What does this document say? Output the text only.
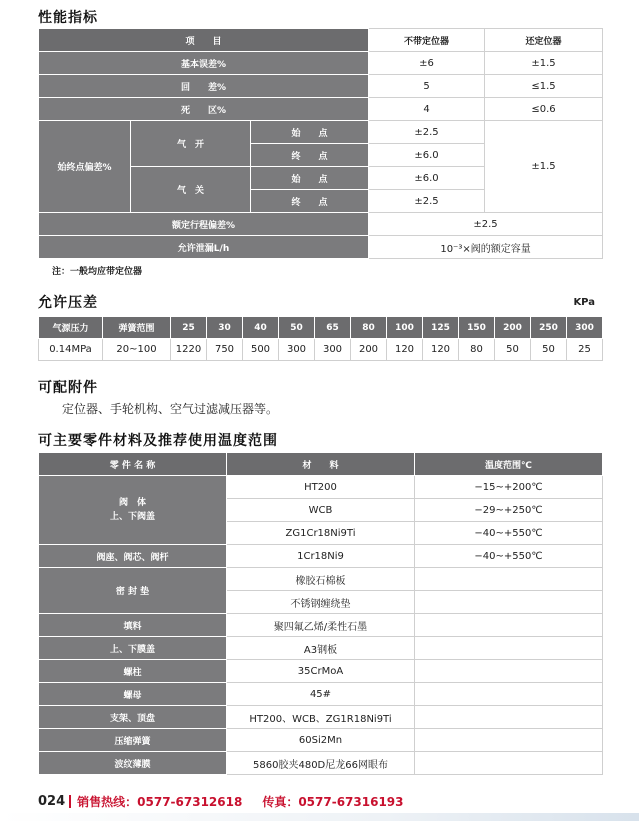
性能指标
项　　目			不带定位器	还定位器
基本误差%			±6	±1.5
回　　差%			5	≤1.5
死　　区%			4	≤0.6
始终点偏差%	气　开	始　　点	±2.5	±1.5
		终　　点	±6.0	
	气　关	始　　点	±6.0	
		终　　点	±2.5	
额定行程偏差%			±2.5	
允许泄漏L/h			10⁻³×阀的额定容量	
注：一般均应带定位器
允许压差	KPa
气源压力	弹簧范围	25	30	40	50	65	80	100	125	150	200	250	300
0.14MPa	20~100	1220	750	500	300	300	200	120	120	80	50	50	25
可配附件
定位器、手轮机构、空气过滤减压器等。
可主要零件材料及推荐使用温度范围
零 件 名 称	材　　料	温度范围℃
阀　体
上、下阀盖	HT200	−15~+200℃
	WCB	−29~+250℃
	ZG1Cr18Ni9Ti	−40~+550℃
阀座、阀芯、阀杆	1Cr18Ni9	−40~+550℃
密 封 垫	橡胶石棉板	
	不锈钢缠绕垫	
填料	聚四氟乙烯/柔性石墨	
上、下膜盖	A3钢板	
螺柱	35CrMoA	
螺母	45#	
支架、顶盘	HT200、WCB、ZG1R18Ni9Ti	
压缩弹簧	60Si2Mn	
波纹薄膜	5860胶夹480D尼龙66网眼布	
024 销售热线：0577-67312618 传真：0577-67316193
